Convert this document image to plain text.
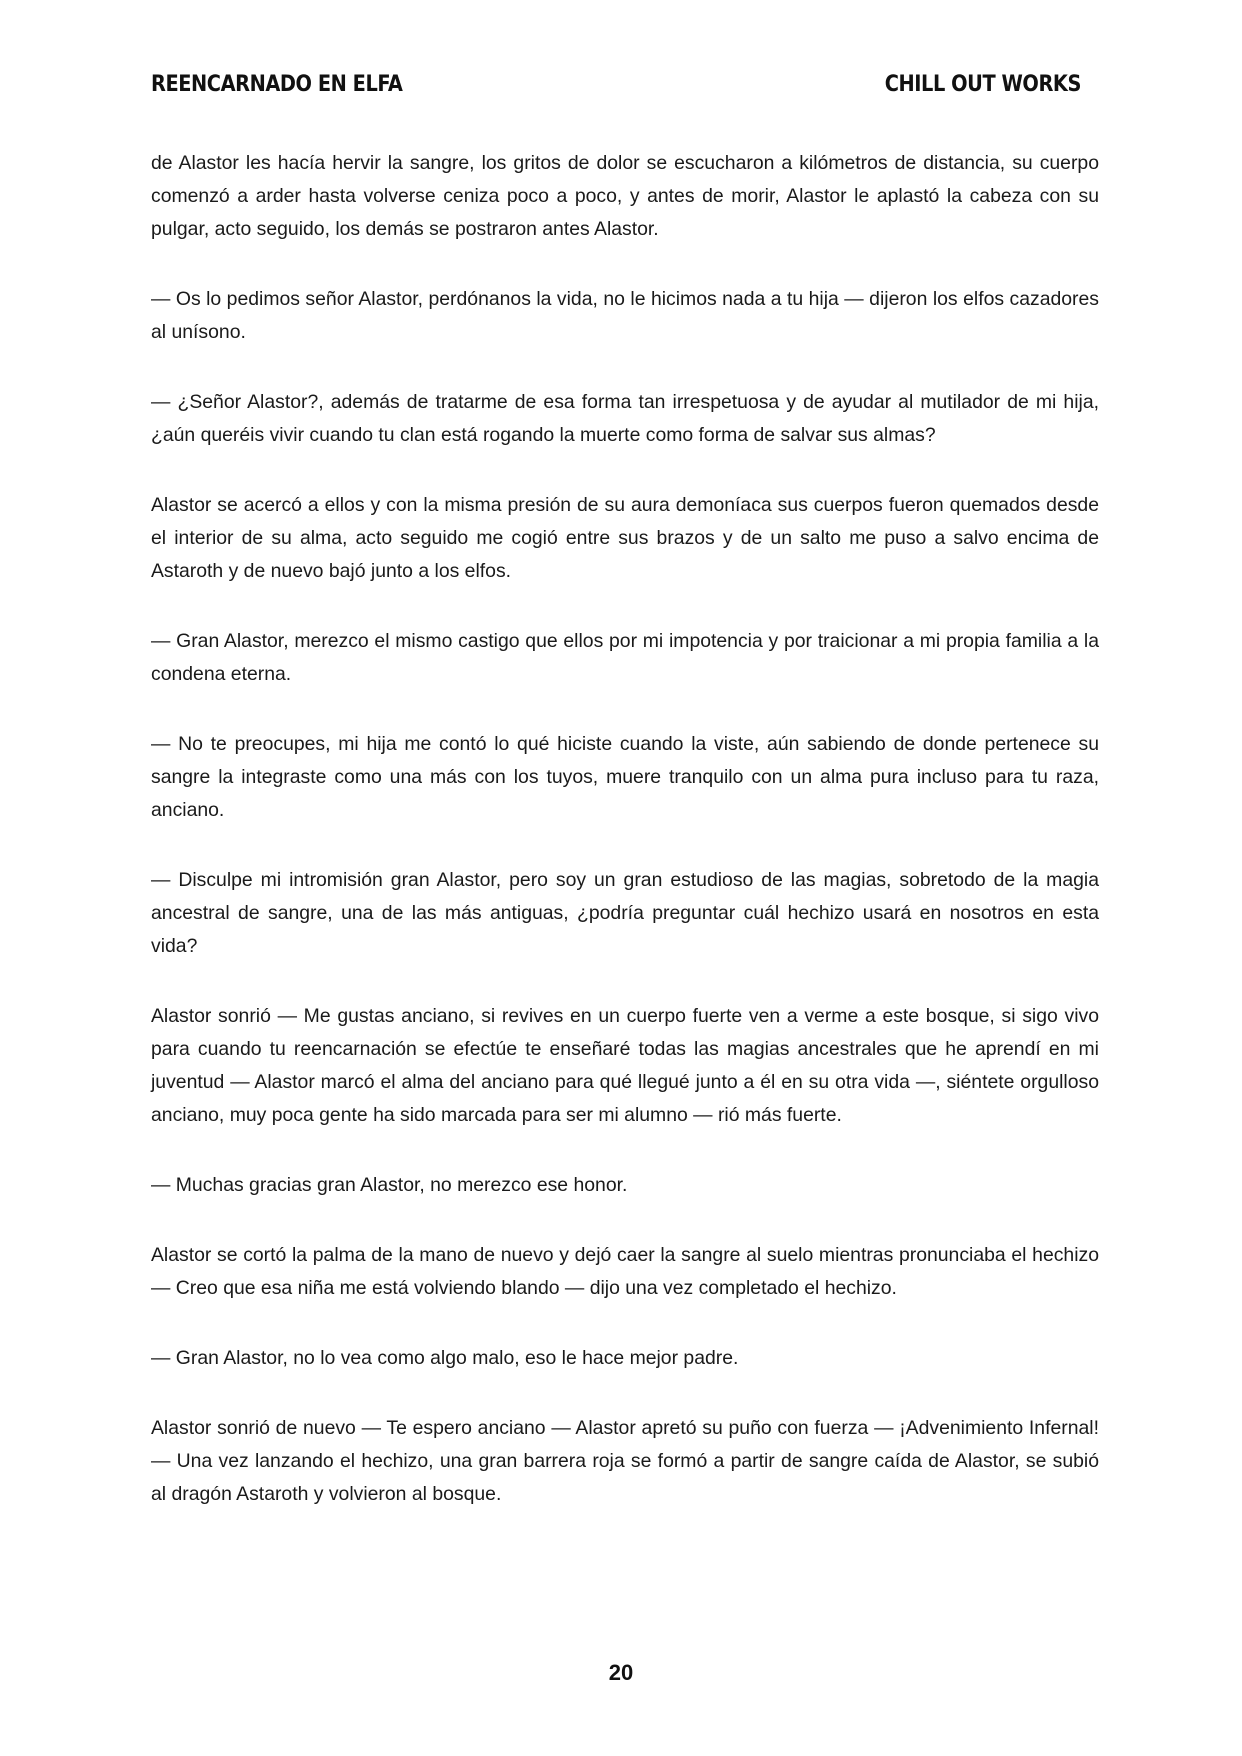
REENCARNADO EN ELFA	CHILL OUT WORKS

de Alastor les hacía hervir la sangre, los gritos de dolor se escucharon a kilómetros de distancia, su cuerpo comenzó a arder hasta volverse ceniza poco a poco, y antes de morir, Alastor le aplastó la cabeza con su pulgar, acto seguido, los demás se postraron antes Alastor.

— Os lo pedimos señor Alastor, perdónanos la vida, no le hicimos nada a tu hija — dijeron los elfos cazadores al unísono.

— ¿Señor Alastor?, además de tratarme de esa forma tan irrespetuosa y de ayudar al mutilador de mi hija, ¿aún queréis vivir cuando tu clan está rogando la muerte como forma de salvar sus almas?

Alastor se acercó a ellos y con la misma presión de su aura demoníaca sus cuerpos fueron quemados desde el interior de su alma, acto seguido me cogió entre sus brazos y de un salto me puso a salvo encima de Astaroth y de nuevo bajó junto a los elfos.

— Gran Alastor, merezco el mismo castigo que ellos por mi impotencia y por traicionar a mi propia familia a la condena eterna.

— No te preocupes, mi hija me contó lo qué hiciste cuando la viste, aún sabiendo de donde pertenece su sangre la integraste como una más con los tuyos, muere tranquilo con un alma pura incluso para tu raza, anciano.

— Disculpe mi intromisión gran Alastor, pero soy un gran estudioso de las magias, sobretodo de la magia ancestral de sangre, una de las más antiguas, ¿podría preguntar cuál hechizo usará en nosotros en esta vida?

Alastor sonrió — Me gustas anciano, si revives en un cuerpo fuerte ven a verme a este bosque, si sigo vivo para cuando tu reencarnación se efectúe te enseñaré todas las magias ancestrales que he aprendí en mi juventud — Alastor marcó el alma del anciano para qué llegué junto a él en su otra vida —, siéntete orgulloso anciano, muy poca gente ha sido marcada para ser mi alumno — rió más fuerte.

— Muchas gracias gran Alastor, no merezco ese honor.

Alastor se cortó la palma de la mano de nuevo y dejó caer la sangre al suelo mientras pronunciaba el hechizo — Creo que esa niña me está volviendo blando — dijo una vez completado el hechizo.

— Gran Alastor, no lo vea como algo malo, eso le hace mejor padre.

Alastor sonrió de nuevo — Te espero anciano — Alastor apretó su puño con fuerza — ¡Advenimiento Infernal! — Una vez lanzando el hechizo, una gran barrera roja se formó a partir de sangre caída de Alastor, se subió al dragón Astaroth y volvieron al bosque.

20
